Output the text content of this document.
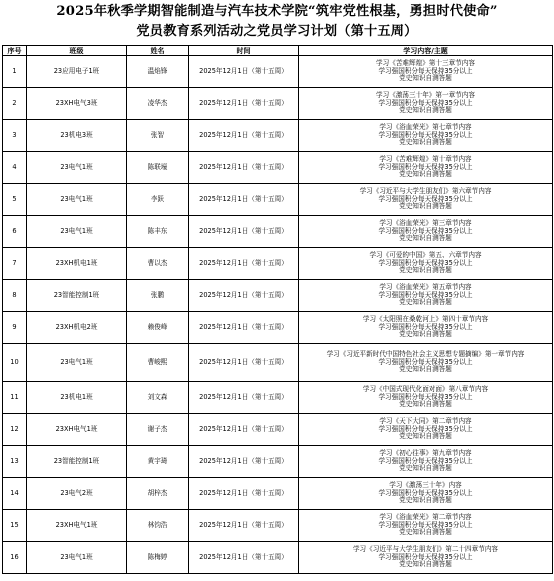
2025年秋季学期智能制造与汽车技术学院“筑牢党性根基，勇担时代使命”
党员教育系列活动之党员学习计划（第十五周）
序号	班级	姓名	时间	学习内容/主题
1	23应用电子1班	温焰锋	2025年12月1日（第十五周）	学习《苦难辉煌》第十三章节内容
学习强国积分每天保持35分以上
党史知识自测答题

2	23XH电气3班	凌华杰	2025年12月1日（第十五周）	学习《激荡三十年》第一章节内容
学习强国积分每天保持35分以上
党史知识自测答题

3	23机电3班	张智	2025年12月1日（第十五周）	学习《浴血荣光》第七章节内容
学习强国积分每天保持35分以上
党史知识自测答题

4	23电气1班	陈联壕	2025年12月1日（第十五周）	学习《苦难辉煌》第十章节内容
学习强国积分每天保持35分以上
党史知识自测答题

5	23电气1班	李跃	2025年12月1日（第十五周）	学习《习近平与大学生朋友们》第六章节内容
学习强国积分每天保持35分以上
党史知识自测答题

6	23电气1班	陈丰东	2025年12月1日（第十五周）	学习《浴血荣光》第三章节内容
学习强国积分每天保持35分以上
党史知识自测答题

7	23XH机电1班	曹以杰	2025年12月1日（第十五周）	学习《可爱的中国》第五、六章节内容
学习强国积分每天保持35分以上
党史知识自测答题

8	23智能控制1班	张鹏	2025年12月1日（第十五周）	学习《浴血荣光》第五章节内容
学习强国积分每天保持35分以上
党史知识自测答题

9	23XH机电2班	赖俊峰	2025年12月1日（第十五周）	学习《太阳照在桑乾河上》第四十章节内容
学习强国积分每天保持35分以上
党史知识自测答题

10	23电气1班	曹峻熙	2025年12月1日（第十五周）	学习《习近平新时代中国特色社会主义思想专题摘编》第一章节内容
学习强国积分每天保持35分以上
党史知识自测答题

11	23机电1班	刘文森	2025年12月1日（第十五周）	学习《中国式现代化面对面》第八章节内容
学习强国积分每天保持35分以上
党史知识自测答题

12	23XH电气1班	谢子杰	2025年12月1日（第十五周）	学习《天下大同》第二章节内容
学习强国积分每天保持35分以上
党史知识自测答题

13	23智能控制1班	黄宇琦	2025年12月1日（第十五周）	学习《初心往事》第九章节内容
学习强国积分每天保持35分以上
党史知识自测答题

14	23电气2班	胡梓杰	2025年12月1日（第十五周）	学习《激荡三十年》内容
学习强国积分每天保持35分以上
党史知识自测答题

15	23XH电气1班	林钧浩	2025年12月1日（第十五周）	学习《浴血荣光》第二章节内容
学习强国积分每天保持35分以上
党史知识自测答题

16	23电气1班	陈梅婷	2025年12月1日（第十五周）	学习《习近平与大学生朋友们》第二十四章节内容
学习强国积分每天保持35分以上
党史知识自测答题
